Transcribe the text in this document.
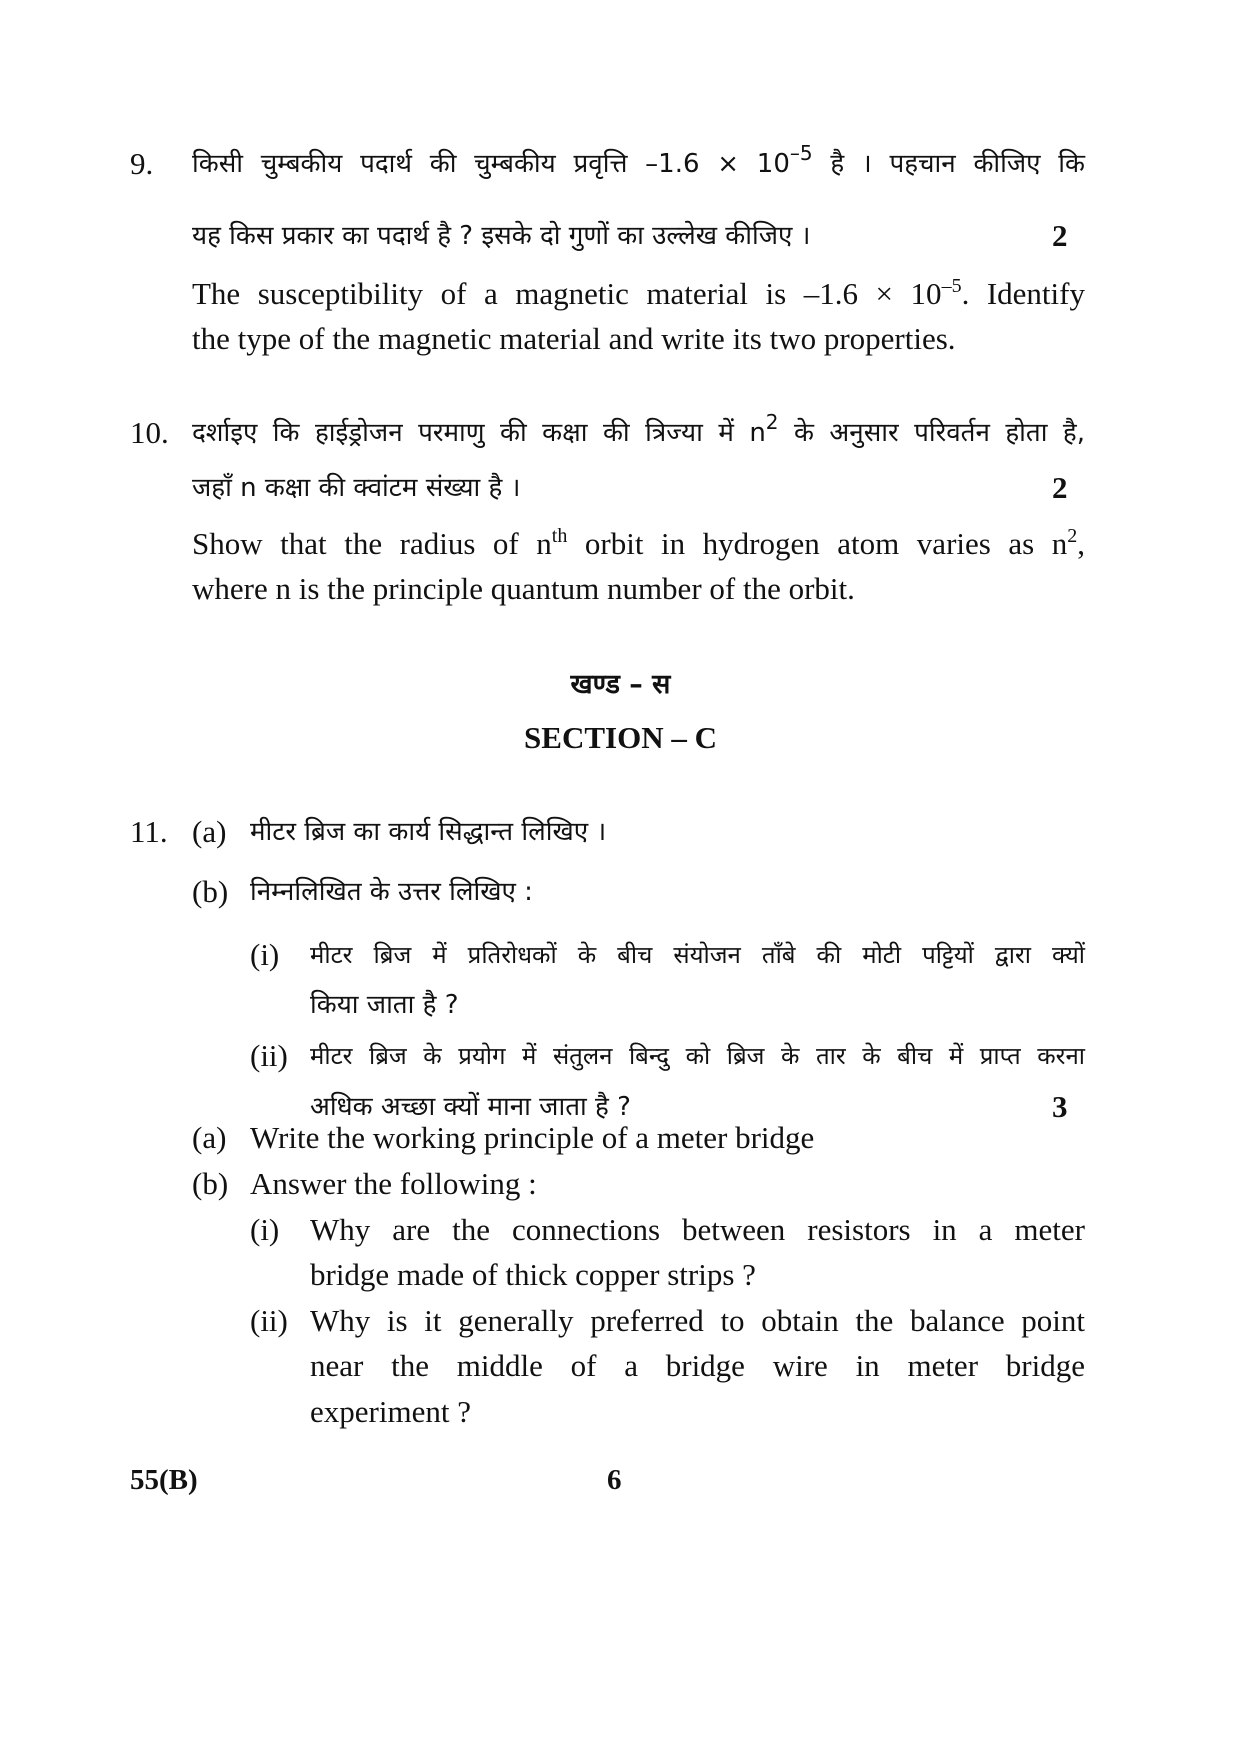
9. किसी चुम्बकीय पदार्थ की चुम्बकीय प्रवृत्ति $-1.6 \times 10^{-5}$ है । पहचान कीजिए कि
यह किस प्रकार का पदार्थ है ? इसके दो गुणों का उल्लेख कीजिए ।	2
The susceptibility of a magnetic material is $-1.6 \times 10^{-5}$. Identify
the type of the magnetic material and write its two properties.
10. दर्शाइए कि हाईड्रोजन परमाणु की कक्षा की त्रिज्या में $n^2$ के अनुसार परिवर्तन होता है,
जहाँ n कक्षा की क्वांटम संख्या है ।	2
Show that the radius of $n^{th}$ orbit in hydrogen atom varies as $n^2$,
where n is the principle quantum number of the orbit.
खण्ड – स
SECTION – C
11. (a) मीटर ब्रिज का कार्य सिद्धान्त लिखिए ।
(b) निम्नलिखित के उत्तर लिखिए :
(i) मीटर ब्रिज में प्रतिरोधकों के बीच संयोजन ताँबे की मोटी पट्टियों द्वारा क्यों
किया जाता है ?
(ii) मीटर ब्रिज के प्रयोग में संतुलन बिन्दु को ब्रिज के तार के बीच में प्राप्त करना
अधिक अच्छा क्यों माना जाता है ?	3
(a) Write the working principle of a meter bridge
(b) Answer the following :
(i) Why are the connections between resistors in a meter
bridge made of thick copper strips ?
(ii) Why is it generally preferred to obtain the balance point
near the middle of a bridge wire in meter bridge
experiment ?
55(B)	6
